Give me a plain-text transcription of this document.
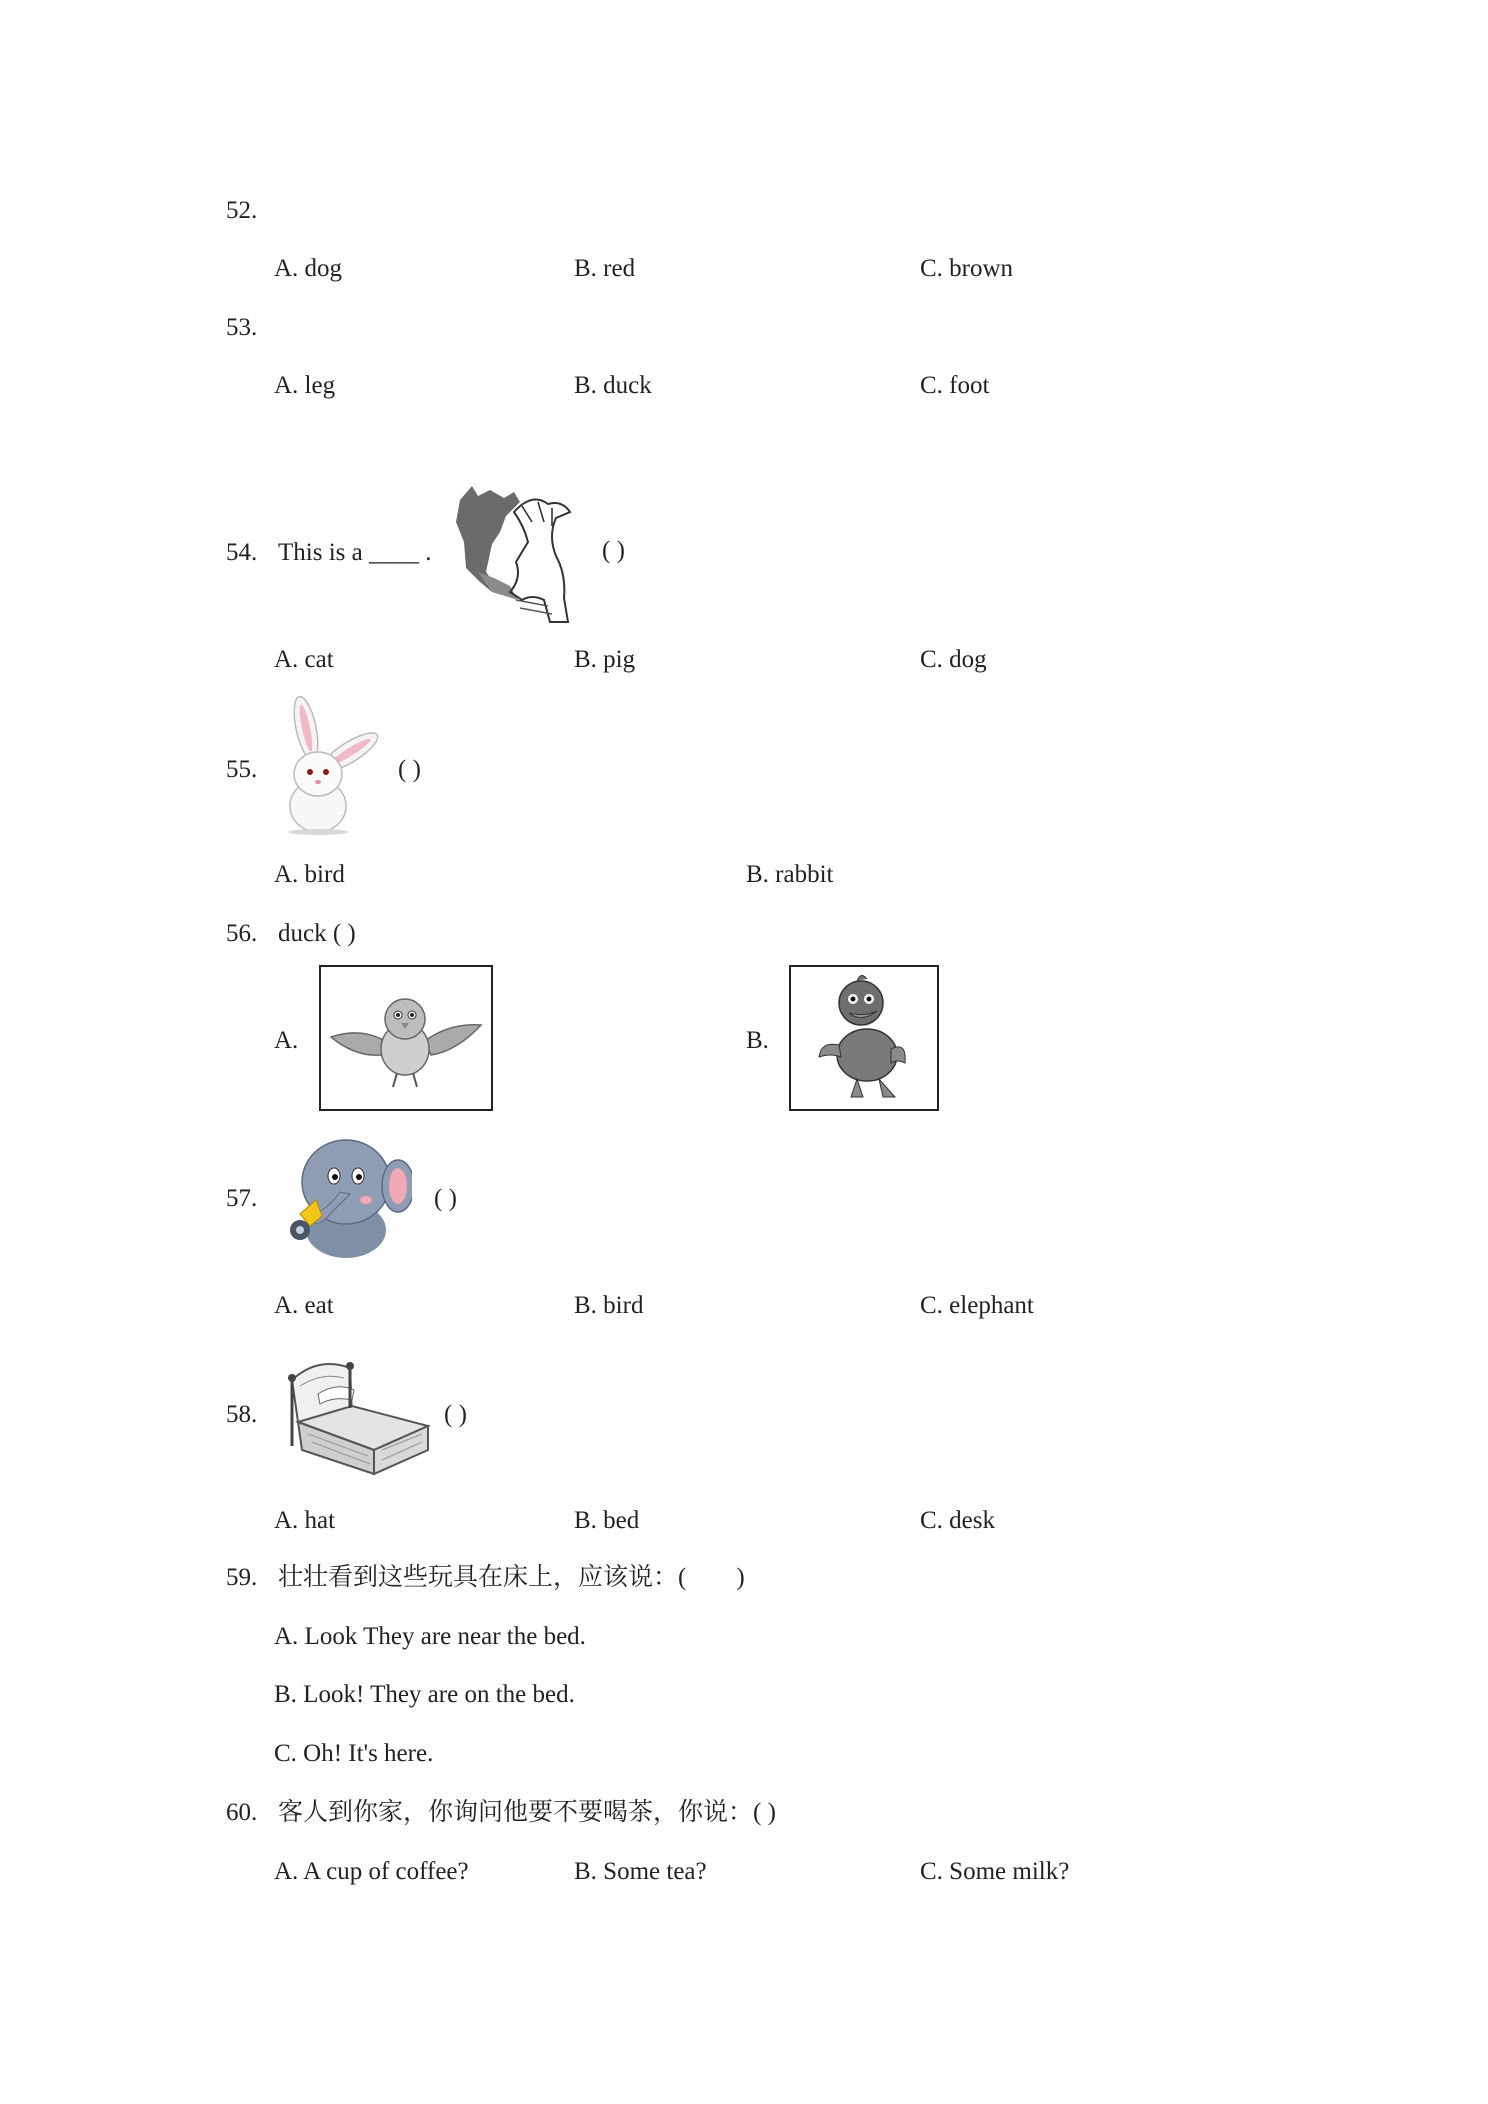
52.
A. dog	B. red	C. brown
53.
A. leg	B. duck	C. foot
54. This is a ____ .	( )
A. cat	B. pig	C. dog
55.	( )
A. bird	B. rabbit
56. duck ( )
A.	B.
57.	( )
A. eat	B. bird	C. elephant
58.	( )
A. hat	B. bed	C. desk
59. 壮壮看到这些玩具在床上，应该说：(　　)
A. Look They are near the bed.
B. Look! They are on the bed.
C. Oh! It's here.
60. 客人到你家，你询问他要不要喝茶，你说：( )
A. A cup of coffee?	B. Some tea?	C. Some milk?
